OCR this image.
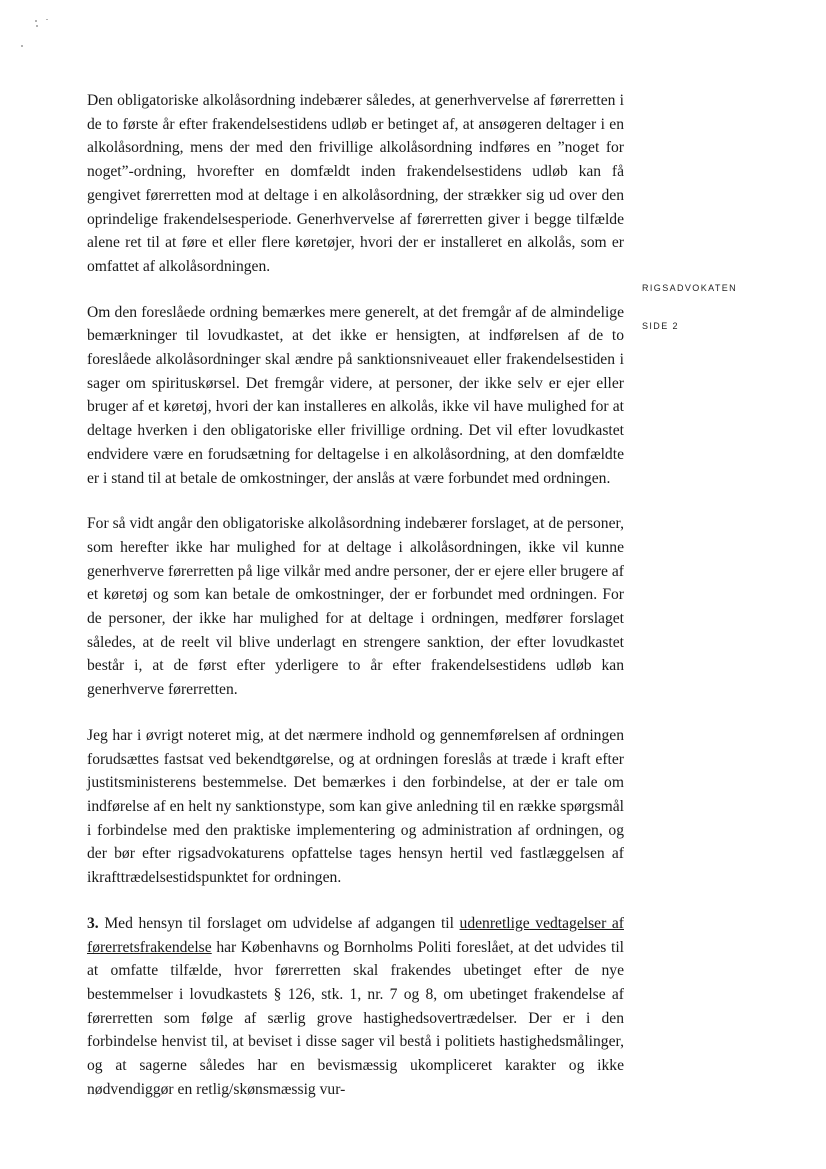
RIGSADVOKATEN
SIDE 2

Den obligatoriske alkolåsordning indebærer således, at generhvervelse af førerretten i de to første år efter frakendelsestidens udløb er betinget af, at ansøgeren deltager i en alkolåsordning, mens der med den frivillige alkolåsordning indføres en ”noget for noget”-ordning, hvorefter en domfældt inden frakendelsestidens udløb kan få gengivet førerretten mod at deltage i en alkolåsordning, der strækker sig ud over den oprindelige frakendelsesperiode. Generhvervelse af førerretten giver i begge tilfælde alene ret til at føre et eller flere køretøjer, hvori der er installeret en alkolås, som er omfattet af alkolåsordningen.

Om den foreslåede ordning bemærkes mere generelt, at det fremgår af de almindelige bemærkninger til lovudkastet, at det ikke er hensigten, at indførelsen af de to foreslåede alkolåsordninger skal ændre på sanktionsniveauet eller frakendelsestiden i sager om spirituskørsel. Det fremgår videre, at personer, der ikke selv er ejer eller bruger af et køretøj, hvori der kan installeres en alkolås, ikke vil have mulighed for at deltage hverken i den obligatoriske eller frivillige ordning. Det vil efter lovudkastet endvidere være en forudsætning for deltagelse i en alkolåsordning, at den domfældte er i stand til at betale de omkostninger, der anslås at være forbundet med ordningen.

For så vidt angår den obligatoriske alkolåsordning indebærer forslaget, at de personer, som herefter ikke har mulighed for at deltage i alkolåsordningen, ikke vil kunne generhverve førerretten på lige vilkår med andre personer, der er ejere eller brugere af et køretøj og som kan betale de omkostninger, der er forbundet med ordningen. For de personer, der ikke har mulighed for at deltage i ordningen, medfører forslaget således, at de reelt vil blive underlagt en strengere sanktion, der efter lovudkastet består i, at de først efter yderligere to år efter frakendelsestidens udløb kan generhverve førerretten.

Jeg har i øvrigt noteret mig, at det nærmere indhold og gennemførelsen af ordningen forudsættes fastsat ved bekendtgørelse, og at ordningen foreslås at træde i kraft efter justitsministerens bestemmelse. Det bemærkes i den forbindelse, at der er tale om indførelse af en helt ny sanktionstype, som kan give anledning til en række spørgsmål i forbindelse med den praktiske implementering og administration af ordningen, og der bør efter rigsadvokaturens opfattelse tages hensyn hertil ved fastlæggelsen af ikrafttrædelsestidspunktet for ordningen.

3. Med hensyn til forslaget om udvidelse af adgangen til udenretlige vedtagelser af førerretsfrakendelse har Københavns og Bornholms Politi foreslået, at det udvides til at omfatte tilfælde, hvor førerretten skal frakendes ubetinget efter de nye bestemmelser i lovudkastets § 126, stk. 1, nr. 7 og 8, om ubetinget frakendelse af førerretten som følge af særlig grove hastighedsovertrædelser. Der er i den forbindelse henvist til, at beviset i disse sager vil bestå i politiets hastighedsmålinger, og at sagerne således har en bevismæssig ukompliceret karakter og ikke nødvendiggør en retlig/skønsmæssig vur-
